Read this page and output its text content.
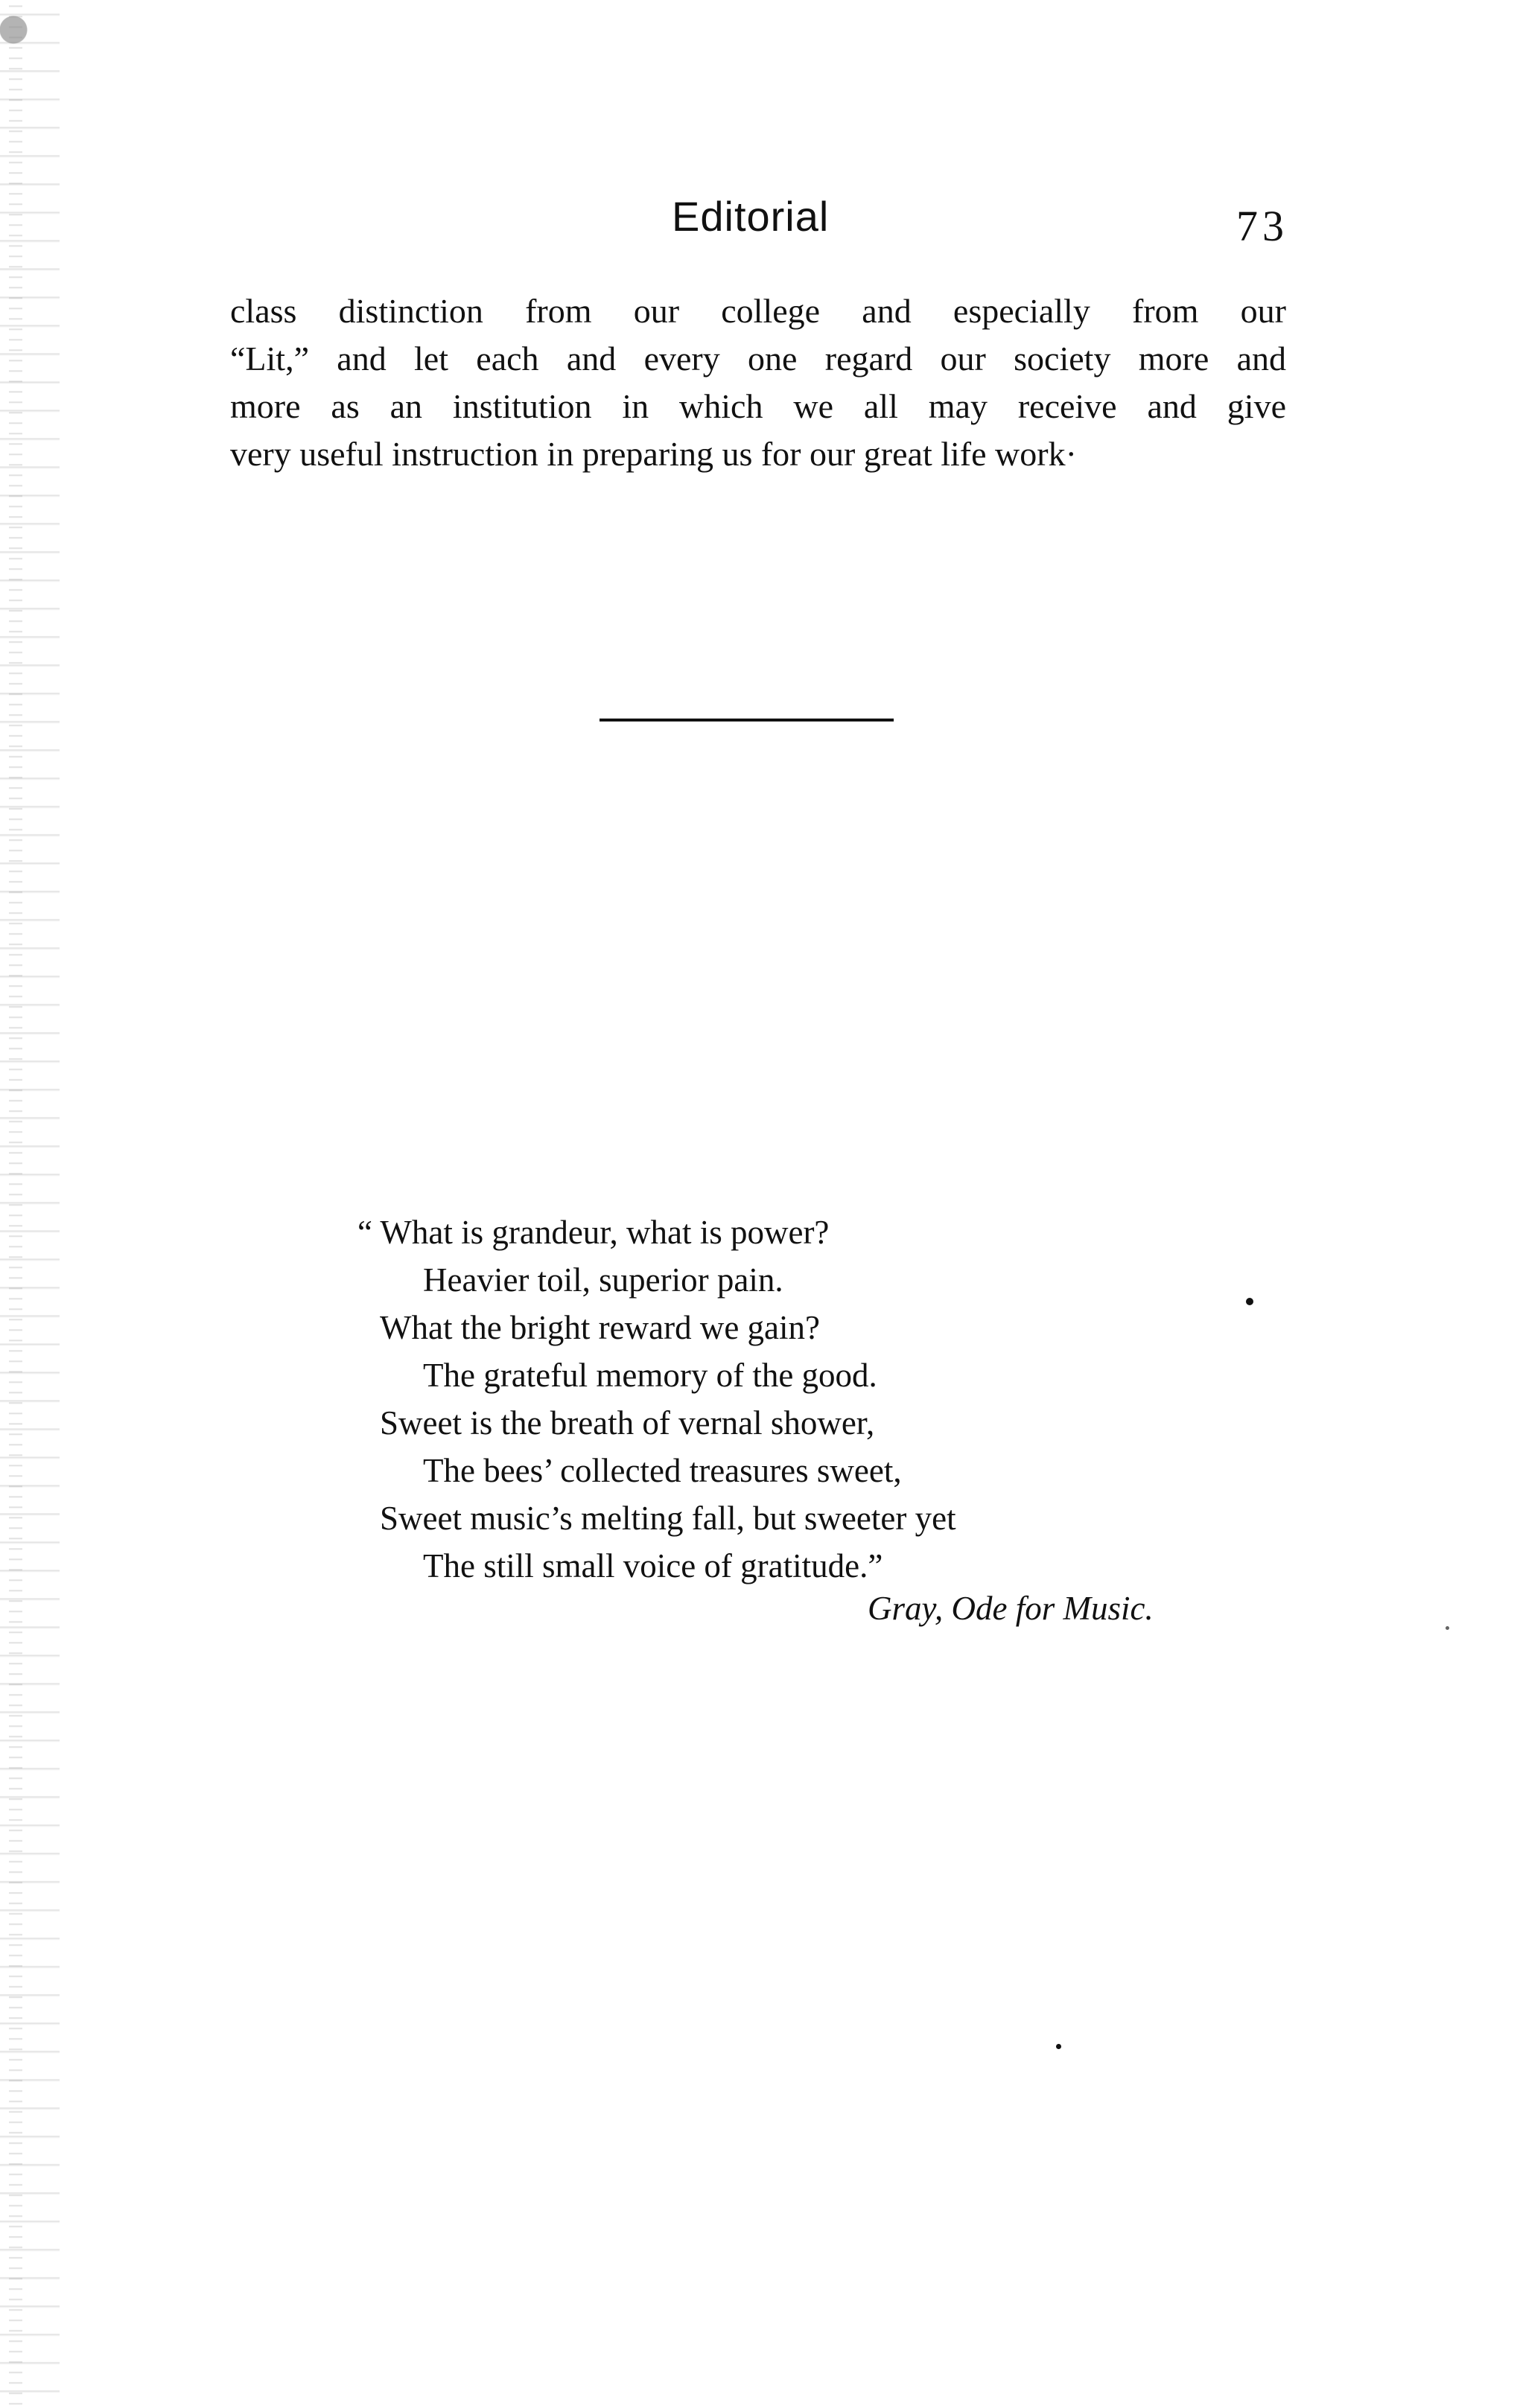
Editorial	73
class distinction from our college and especially from our
“Lit,” and let each and every one regard our society more and
more as an institution in which we all may receive and give
very useful instruction in preparing us for our great life work·
“ What is grandeur, what is power?
Heavier toil, superior pain.
What the bright reward we gain?
The grateful memory of the good.
Sweet is the breath of vernal shower,
The bees’ collected treasures sweet,
Sweet music’s melting fall, but sweeter yet
The still small voice of gratitude.”
Gray, Ode for Music.
